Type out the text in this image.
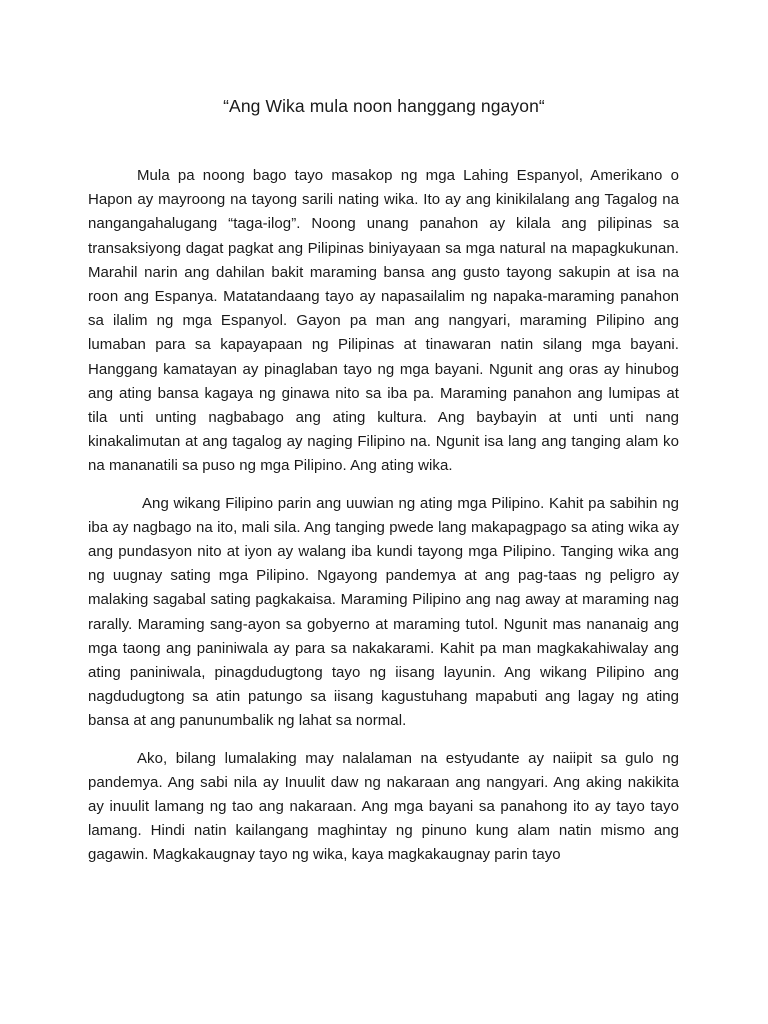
“Ang Wika mula noon hanggang ngayon“

Mula pa noong bago tayo masakop ng mga Lahing Espanyol, Amerikano o Hapon ay mayroong na tayong sarili nating wika. Ito ay ang kinikilalang ang Tagalog na nangangahalugang “taga-ilog”. Noong unang panahon ay kilala ang pilipinas sa transaksiyong dagat pagkat ang Pilipinas biniyayaan sa mga natural na mapagkukunan. Marahil narin ang dahilan bakit maraming bansa ang gusto tayong sakupin at isa na roon ang Espanya. Matatandaang tayo ay napasailalim ng napaka-maraming panahon sa ilalim ng mga Espanyol. Gayon pa man ang nangyari, maraming Pilipino ang lumaban para sa kapayapaan ng Pilipinas at tinawaran natin silang mga bayani. Hanggang kamatayan ay pinaglaban tayo ng mga bayani. Ngunit ang oras ay hinubog ang ating bansa kagaya ng ginawa nito sa iba pa. Maraming panahon ang lumipas at tila unti unting nagbabago ang ating kultura. Ang baybayin at unti unti nang kinakalimutan at ang tagalog ay naging Filipino na. Ngunit isa lang ang tanging alam ko na mananatili sa puso ng mga Pilipino. Ang ating wika.

Ang wikang Filipino parin ang uuwian ng ating mga Pilipino. Kahit pa sabihin ng iba ay nagbago na ito, mali sila. Ang tanging pwede lang makapagpago sa ating wika ay ang pundasyon nito at iyon ay walang iba kundi tayong mga Pilipino. Tanging wika ang ng uugnay sating mga Pilipino. Ngayong pandemya at ang pag-taas ng peligro ay malaking sagabal sating pagkakaisa. Maraming Pilipino ang nag away at maraming nag rarally. Maraming sang-ayon sa gobyerno at maraming tutol. Ngunit mas nananaig ang mga taong ang paniniwala ay para sa nakakarami. Kahit pa man magkakahiwalay ang ating paniniwala, pinagdudugtong tayo ng iisang layunin. Ang wikang Pilipino ang nagdudugtong sa atin patungo sa iisang kagustuhang mapabuti ang lagay ng ating bansa at ang panunumbalik ng lahat sa normal.

Ako, bilang lumalaking may nalalaman na estyudante ay naiipit sa gulo ng pandemya. Ang sabi nila ay Inuulit daw ng nakaraan ang nangyari. Ang aking nakikita ay inuulit lamang ng tao ang nakaraan. Ang mga bayani sa panahong ito ay tayo tayo lamang. Hindi natin kailangang maghintay ng pinuno kung alam natin mismo ang gagawin. Magkakaugnay tayo ng wika, kaya magkakaugnay parin tayo
